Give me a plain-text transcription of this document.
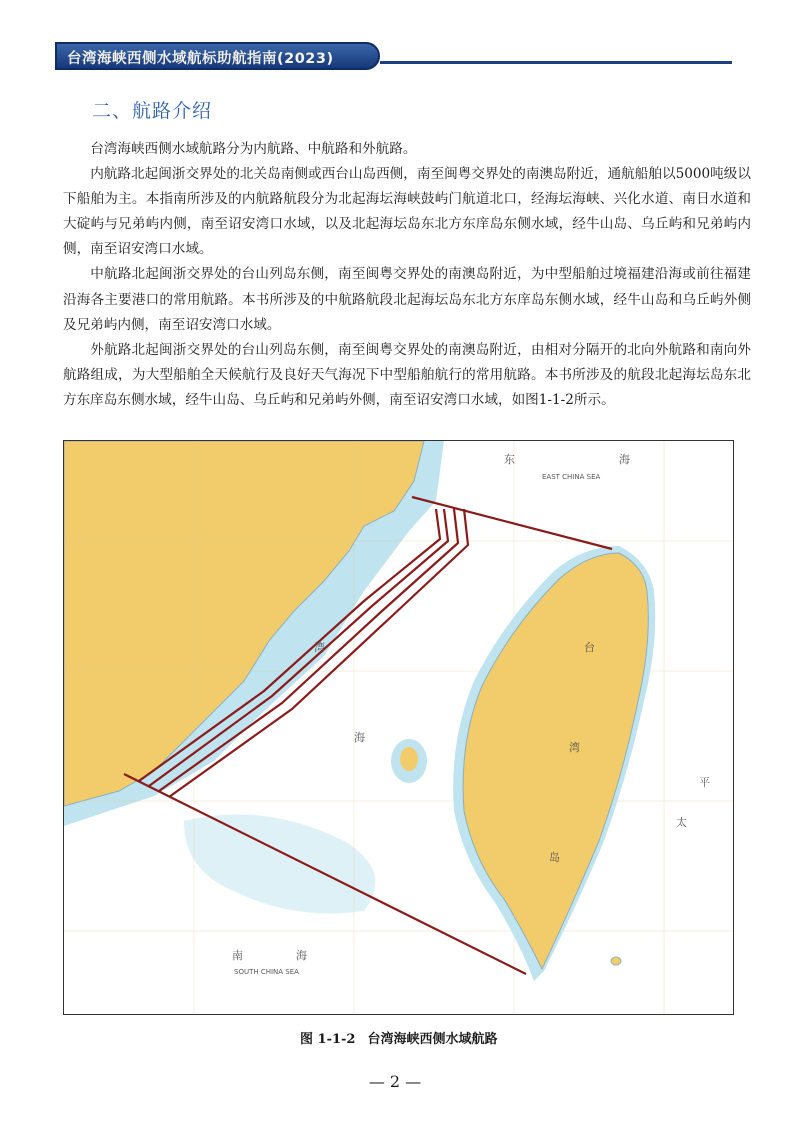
台湾海峡西侧水域航标助航指南(2023)
二、航路介绍

台湾海峡西侧水域航路分为内航路、中航路和外航路。

内航路北起闽浙交界处的北关岛南侧或西台山岛西侧，南至闽粤交界处的南澳岛附近，通航船舶以5000吨级以下船舶为主。本指南所涉及的内航路航段分为北起海坛海峡鼓屿门航道北口，经海坛海峡、兴化水道、南日水道和大碇屿与兄弟屿内侧，南至诏安湾口水域，以及北起海坛岛东北方东庠岛东侧水域，经牛山岛、乌丘屿和兄弟屿内侧，南至诏安湾口水域。

中航路北起闽浙交界处的台山列岛东侧，南至闽粤交界处的南澳岛附近，为中型船舶过境福建沿海或前往福建沿海各主要港口的常用航路。本书所涉及的中航路航段北起海坛岛东北方东庠岛东侧水域，经牛山岛和乌丘屿外侧及兄弟屿内侧，南至诏安湾口水域。

外航路北起闽浙交界处的台山列岛东侧，南至闽粤交界处的南澳岛附近，由相对分隔开的北向外航路和南向外航路组成，为大型船舶全天候航行及良好天气海况下中型船舶航行的常用航路。本书所涉及的航段北起海坛岛东北方东庠岛东侧水域，经牛山岛、乌丘屿和兄弟屿外侧，南至诏安湾口水域，如图1-1-2所示。

东	海
EAST CHINA SEA
湾
海
台
湾
岛
太
平
南	海
SOUTH CHINA SEA
图 1-1-2 台湾海峡西侧水域航路
— 2 —
